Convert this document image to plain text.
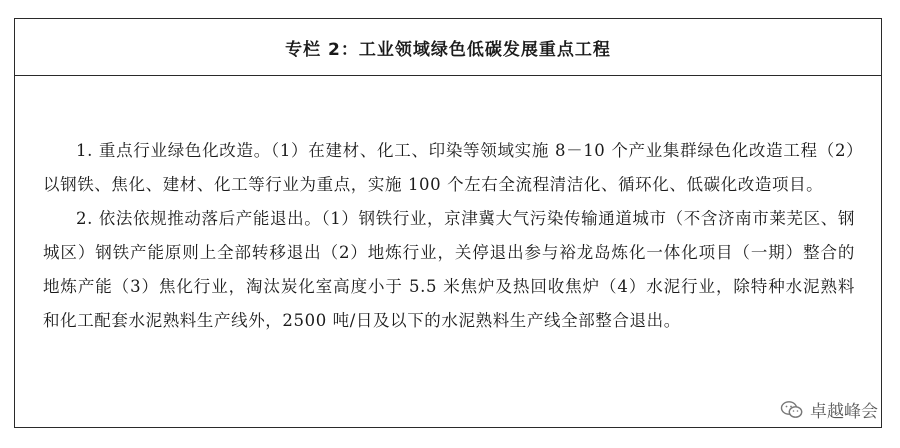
专栏 2：工业领域绿色低碳发展重点工程

1. 重点行业绿色化改造。（1）在建材、化工、印染等领域实施 8－10 个产业集群绿色化改造工程（2）以钢铁、焦化、建材、化工等行业为重点，实施 100 个左右全流程清洁化、循环化、低碳化改造项目。

2. 依法依规推动落后产能退出。（1）钢铁行业，京津冀大气污染传输通道城市（不含济南市莱芜区、钢城区）钢铁产能原则上全部转移退出（2）地炼行业，关停退出参与裕龙岛炼化一体化项目（一期）整合的地炼产能（3）焦化行业，淘汰炭化室高度小于 5.5 米焦炉及热回收焦炉（4）水泥行业，除特种水泥熟料和化工配套水泥熟料生产线外，2500 吨/日及以下的水泥熟料生产线全部整合退出。

卓越峰会
